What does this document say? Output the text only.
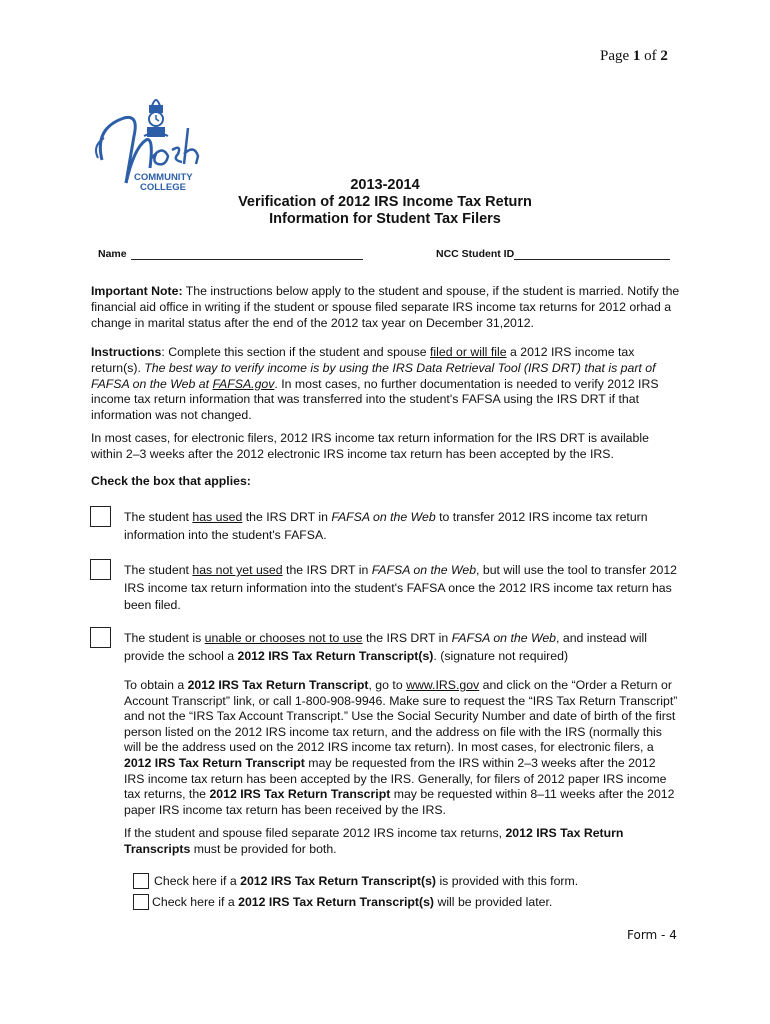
Page 1 of 2
COMMUNITY
COLLEGE	2013-2014
Verification of 2012 IRS Income Tax Return
Information for Student Tax Filers
Name	NCC Student ID
Important Note: The instructions below apply to the student and spouse, if the student is married. Notify the financial aid office in writing if the student or spouse filed separate IRS income tax returns for 2012 orhad a change in marital status after the end of the 2012 tax year on December 31,2012.
Instructions: Complete this section if the student and spouse filed or will file a 2012 IRS income tax return(s). The best way to verify income is by using the IRS Data Retrieval Tool (IRS DRT) that is part of FAFSA on the Web at FAFSA.gov. In most cases, no further documentation is needed to verify 2012 IRS income tax return information that was transferred into the student's FAFSA using the IRS DRT if that information was not changed.
In most cases, for electronic filers, 2012 IRS income tax return information for the IRS DRT is available within 2–3 weeks after the 2012 electronic IRS income tax return has been accepted by the IRS.
Check the box that applies:
The student has used the IRS DRT in FAFSA on the Web to transfer 2012 IRS income tax return information into the student's FAFSA.
The student has not yet used the IRS DRT in FAFSA on the Web, but will use the tool to transfer 2012 IRS income tax return information into the student's FAFSA once the 2012 IRS income tax return has been filed.
The student is unable or chooses not to use the IRS DRT in FAFSA on the Web, and instead will provide the school a 2012 IRS Tax Return Transcript(s). (signature not required)
To obtain a 2012 IRS Tax Return Transcript, go to www.IRS.gov and click on the “Order a Return or Account Transcript” link, or call 1-800-908-9946. Make sure to request the “IRS Tax Return Transcript” and not the “IRS Tax Account Transcript.” Use the Social Security Number and date of birth of the first person listed on the 2012 IRS income tax return, and the address on file with the IRS (normally this will be the address used on the 2012 IRS income tax return). In most cases, for electronic filers, a 2012 IRS Tax Return Transcript may be requested from the IRS within 2–3 weeks after the 2012 IRS income tax return has been accepted by the IRS. Generally, for filers of 2012 paper IRS income tax returns, the 2012 IRS Tax Return Transcript may be requested within 8–11 weeks after the 2012 paper IRS income tax return has been received by the IRS.
If the student and spouse filed separate 2012 IRS income tax returns, 2012 IRS Tax Return Transcripts must be provided for both.
Check here if a 2012 IRS Tax Return Transcript(s) is provided with this form.
Check here if a 2012 IRS Tax Return Transcript(s) will be provided later.
Form - 4
